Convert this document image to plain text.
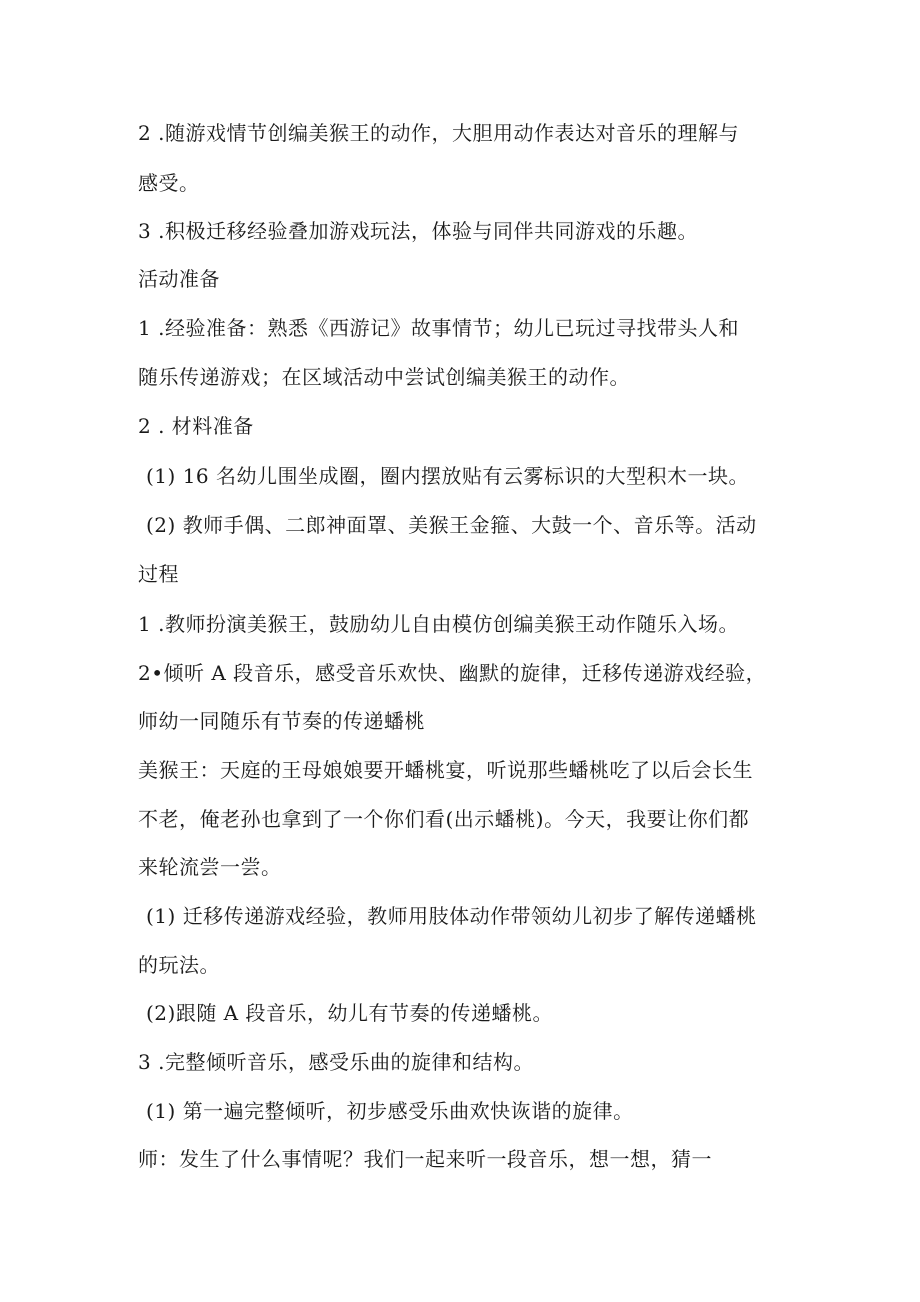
2 .随游戏情节创编美猴王的动作，大胆用动作表达对音乐的理解与

感受。

3 .积极迁移经验叠加游戏玩法，体验与同伴共同游戏的乐趣。

活动准备

1 .经验准备：熟悉《西游记》故事情节；幼儿已玩过寻找带头人和

随乐传递游戏；在区域活动中尝试创编美猴王的动作。

2 . 材料准备

(1) 16 名幼儿围坐成圈，圈内摆放贴有云雾标识的大型积木一块。

(2) 教师手偶、二郎神面罩、美猴王金箍、大鼓一个、音乐等。活动

过程

1 .教师扮演美猴王，鼓励幼儿自由模仿创编美猴王动作随乐入场。

2•倾听 A 段音乐，感受音乐欢快、幽默的旋律，迁移传递游戏经验，

师幼一同随乐有节奏的传递蟠桃

美猴王：天庭的王母娘娘要开蟠桃宴，听说那些蟠桃吃了以后会长生

不老，俺老孙也拿到了一个你们看(出示蟠桃)。今天，我要让你们都

来轮流尝一尝。

(1) 迁移传递游戏经验，教师用肢体动作带领幼儿初步了解传递蟠桃

的玩法。

(2)跟随 A 段音乐，幼儿有节奏的传递蟠桃。

3 .完整倾听音乐，感受乐曲的旋律和结构。

(1) 第一遍完整倾听，初步感受乐曲欢快诙谐的旋律。

师：发生了什么事情呢？我们一起来听一段音乐，想一想，猜一
